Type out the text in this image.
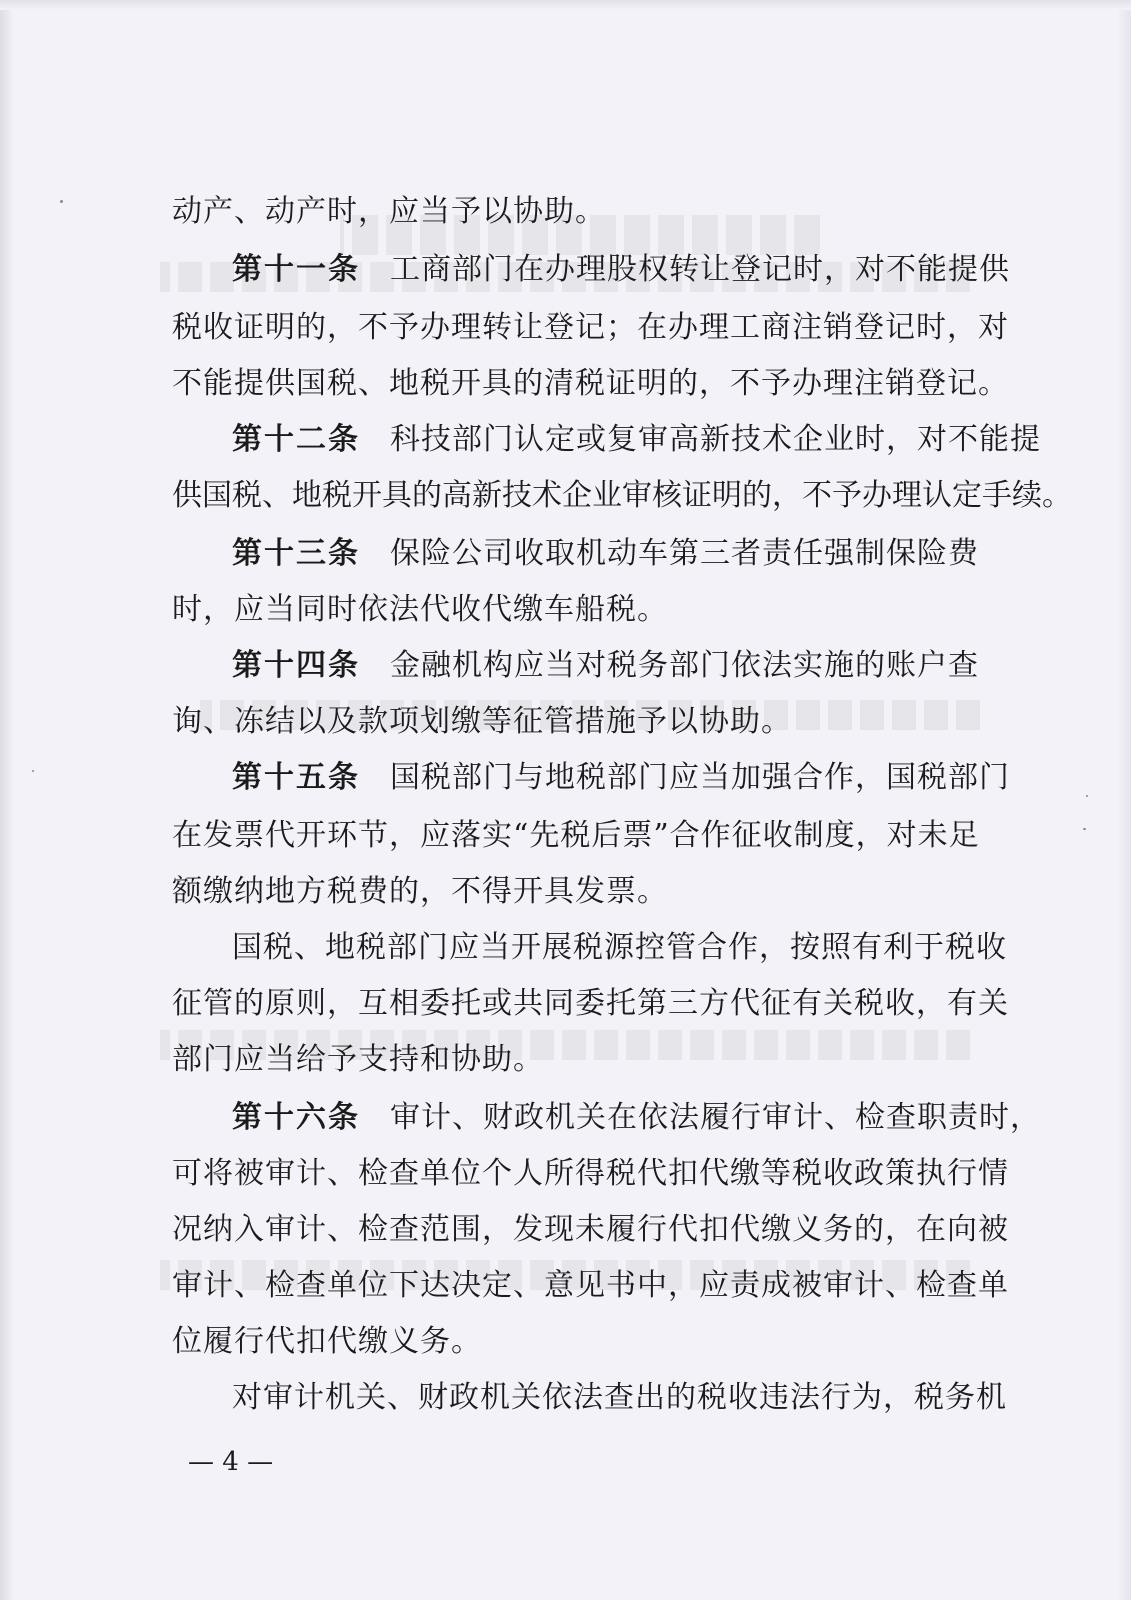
动产、动产时，应当予以协助。
第十一条 工商部门在办理股权转让登记时，对不能提供
税收证明的，不予办理转让登记；在办理工商注销登记时，对
不能提供国税、地税开具的清税证明的，不予办理注销登记。
第十二条 科技部门认定或复审高新技术企业时，对不能提
供国税、地税开具的高新技术企业审核证明的，不予办理认定手续。
第十三条 保险公司收取机动车第三者责任强制保险费
时，应当同时依法代收代缴车船税。
第十四条 金融机构应当对税务部门依法实施的账户查
询、冻结以及款项划缴等征管措施予以协助。
第十五条 国税部门与地税部门应当加强合作，国税部门
在发票代开环节，应落实“先税后票”合作征收制度，对未足
额缴纳地方税费的，不得开具发票。
国税、地税部门应当开展税源控管合作，按照有利于税收
征管的原则，互相委托或共同委托第三方代征有关税收，有关
部门应当给予支持和协助。
第十六条 审计、财政机关在依法履行审计、检查职责时，
可将被审计、检查单位个人所得税代扣代缴等税收政策执行情
况纳入审计、检查范围，发现未履行代扣代缴义务的，在向被
审计、检查单位下达决定、意见书中，应责成被审计、检查单
位履行代扣代缴义务。
对审计机关、财政机关依法查出的税收违法行为，税务机
— 4 —
